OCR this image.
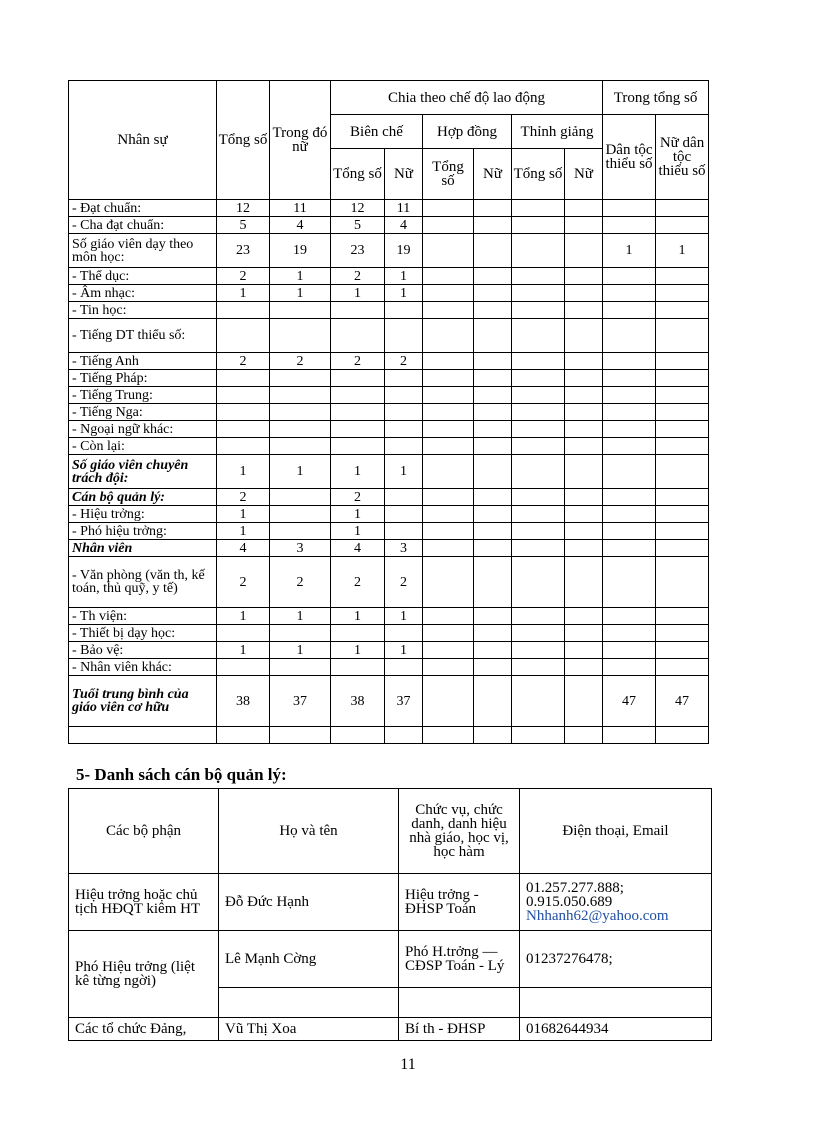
Nhân sự	Tổng số	Trong đó nữ	Chia theo chế độ lao động						Trong tổng số	
			Biên chế		Hợp đồng		Thỉnh giảng		Dân tộc thiểu số	Nữ dân tộc thiểu số
			Tổng số	Nữ	Tổng số	Nữ	Tổng số	Nữ		
- Đạt chuẩn:	12	11	12	11						
- Cha đạt chuẩn:	5	4	5	4						
Số giáo viên dạy theo môn học:	23	19	23	19					1	1
- Thể dục:	2	1	2	1						
- Âm nhạc:	1	1	1	1						
- Tin học:										
- Tiếng DT thiểu số:										
- Tiếng Anh	2	2	2	2						
- Tiếng Pháp:										
- Tiếng Trung:										
- Tiếng Nga:										
- Ngoại ngữ khác:										
- Còn lại:										
Số giáo viên chuyên trách đội:	1	1	1	1						
Cán bộ quản lý:	2		2							
- Hiệu trởng:	1		1							
- Phó hiệu trởng:	1		1							
Nhân viên	4	3	4	3						
- Văn phòng (văn th, kế toán, thủ quỹ, y tế)	2	2	2	2						
- Th viện:	1	1	1	1						
- Thiết bị dạy học:										
- Bảo vệ:	1	1	1	1						
- Nhân viên khác:										
Tuổi trung bình của giáo viên cơ hữu	38	37	38	37					47	47

5- Danh sách cán bộ quản lý:
Các bộ phận	Họ và tên	Chức vụ, chức danh, danh hiệu nhà giáo, học vị, học hàm	Điện thoại, Email
Hiệu trởng hoặc chủ tịch HĐQT kiêm HT	Đỗ Đức Hạnh	Hiệu trởng - ĐHSP Toán	01.257.277.888; 0.915.050.689
Nhhanh62@yahoo.com

Phó Hiệu trởng (liệt kê từng ngời)	Lê Mạnh Cờng	Phó H.trởng — CĐSP Toán - Lý	01237276478;

Các tổ chức Đảng,	Vũ Thị Xoa	Bí th - ĐHSP	01682644934
11
